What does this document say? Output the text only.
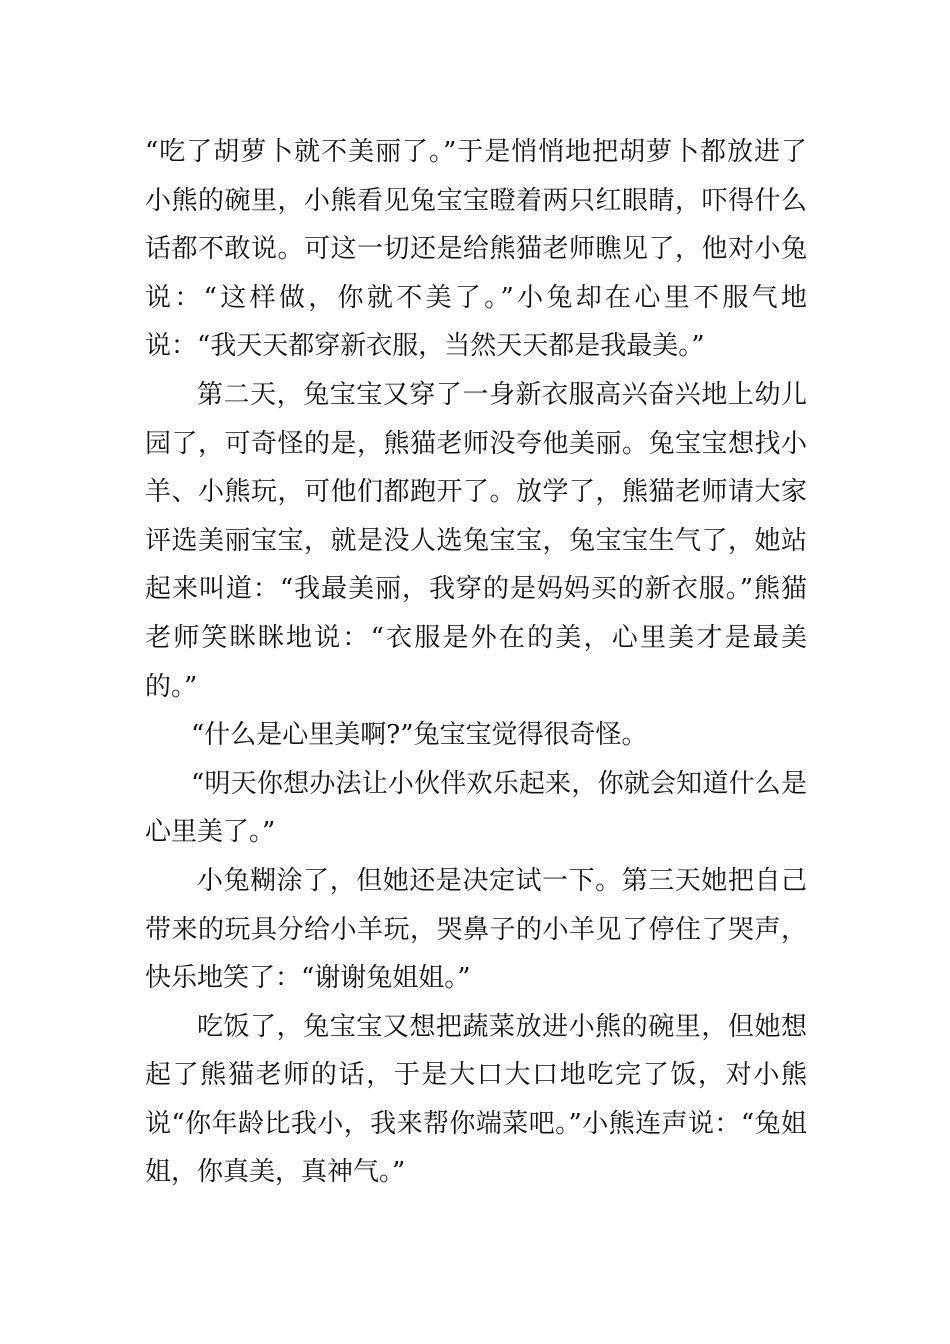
“吃了胡萝卜就不美丽了。”于是悄悄地把胡萝卜都放进了小熊的碗里，小熊看见兔宝宝瞪着两只红眼睛，吓得什么话都不敢说。可这一切还是给熊猫老师瞧见了，他对小兔说：“这样做，你就不美了。”小兔却在心里不服气地说：“我天天都穿新衣服，当然天天都是我最美。”

第二天，兔宝宝又穿了一身新衣服高兴奋兴地上幼儿园了，可奇怪的是，熊猫老师没夸他美丽。兔宝宝想找小羊、小熊玩，可他们都跑开了。放学了，熊猫老师请大家评选美丽宝宝，就是没人选兔宝宝，兔宝宝生气了，她站起来叫道：“我最美丽，我穿的是妈妈买的新衣服。”熊猫老师笑眯眯地说：“衣服是外在的美，心里美才是最美的。”

“什么是心里美啊?”兔宝宝觉得很奇怪。

“明天你想办法让小伙伴欢乐起来，你就会知道什么是心里美了。”

小兔糊涂了，但她还是决定试一下。第三天她把自己带来的玩具分给小羊玩，哭鼻子的小羊见了停住了哭声，快乐地笑了：“谢谢兔姐姐。”

吃饭了，兔宝宝又想把蔬菜放进小熊的碗里，但她想起了熊猫老师的话，于是大口大口地吃完了饭，对小熊说“你年龄比我小，我来帮你端菜吧。”小熊连声说：“兔姐姐，你真美，真神气。”
